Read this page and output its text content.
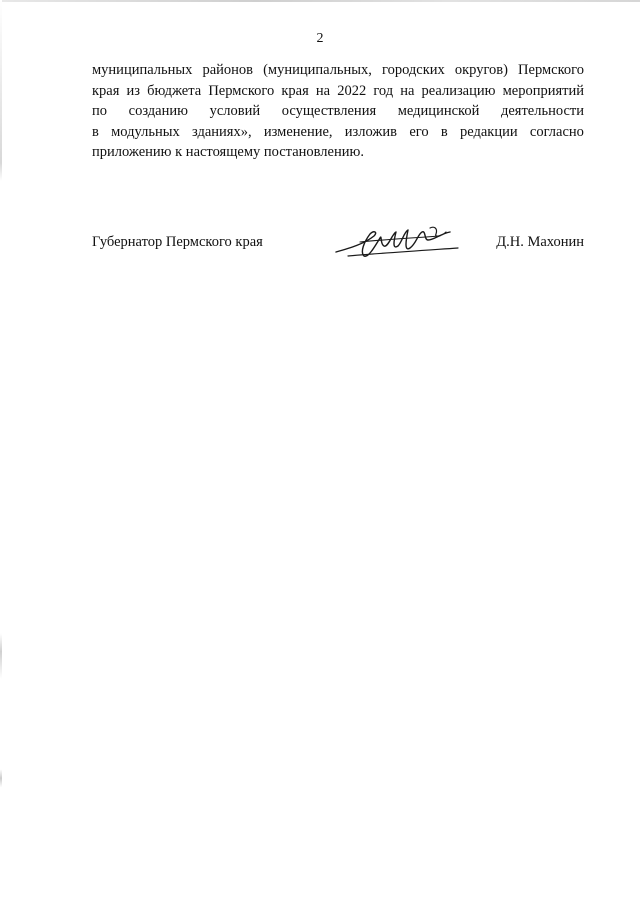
2
муниципальных районов (муниципальных, городских округов) Пермского
края из бюджета Пермского края на 2022 год на реализацию мероприятий
по созданию условий осуществления медицинской деятельности
в модульных зданиях», изменение, изложив его в редакции согласно
приложению к настоящему постановлению.
Губернатор Пермского края	Д.Н. Махонин
